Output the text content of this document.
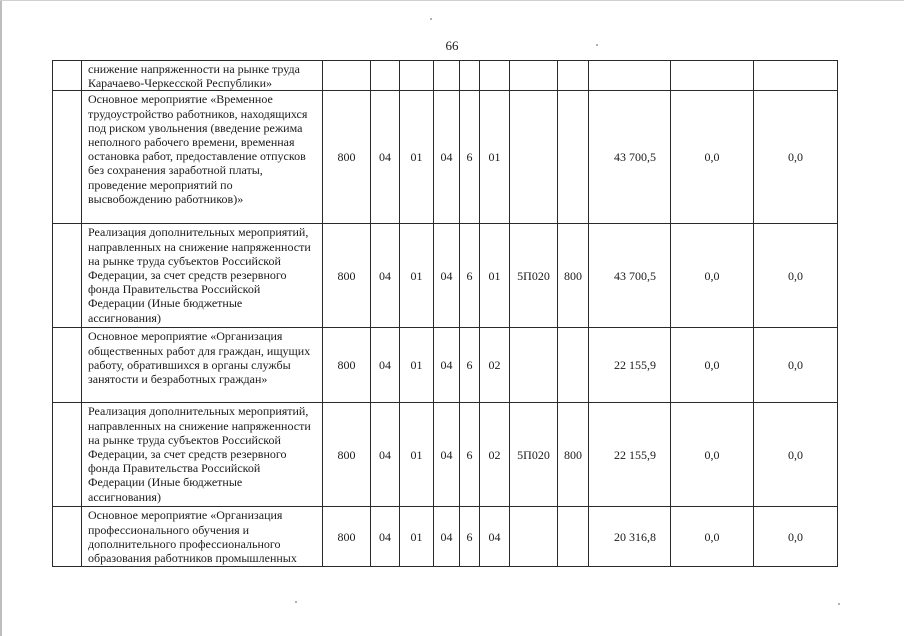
66
	снижение напряженности на рынке труда Карачаево-Черкесской Республики»											
	Основное мероприятие «Временное трудоустройство работников, находящихся под риском увольнения (введение режима неполного рабочего времени, временная остановка работ, предоставление отпусков без сохранения заработной платы, проведение мероприятий по высвобождению работников)»	800	04	01	04	6	01			43 700,5	0,0	0,0
	Реализация дополнительных мероприятий, направленных на снижение напряженности на рынке труда субъектов Российской Федерации, за счет средств резервного фонда Правительства Российской Федерации (Иные бюджетные ассигнования)	800	04	01	04	6	01	5П020	800	43 700,5	0,0	0,0
	Основное мероприятие «Организация общественных работ для граждан, ищущих работу, обратившихся в органы службы занятости и безработных граждан»	800	04	01	04	6	02			22 155,9	0,0	0,0
	Реализация дополнительных мероприятий, направленных на снижение напряженности на рынке труда субъектов Российской Федерации, за счет средств резервного фонда Правительства Российской Федерации (Иные бюджетные ассигнования)	800	04	01	04	6	02	5П020	800	22 155,9	0,0	0,0
	Основное мероприятие «Организация профессионального обучения и дополнительного профессионального образования работников промышленных	800	04	01	04	6	04			20 316,8	0,0	0,0
